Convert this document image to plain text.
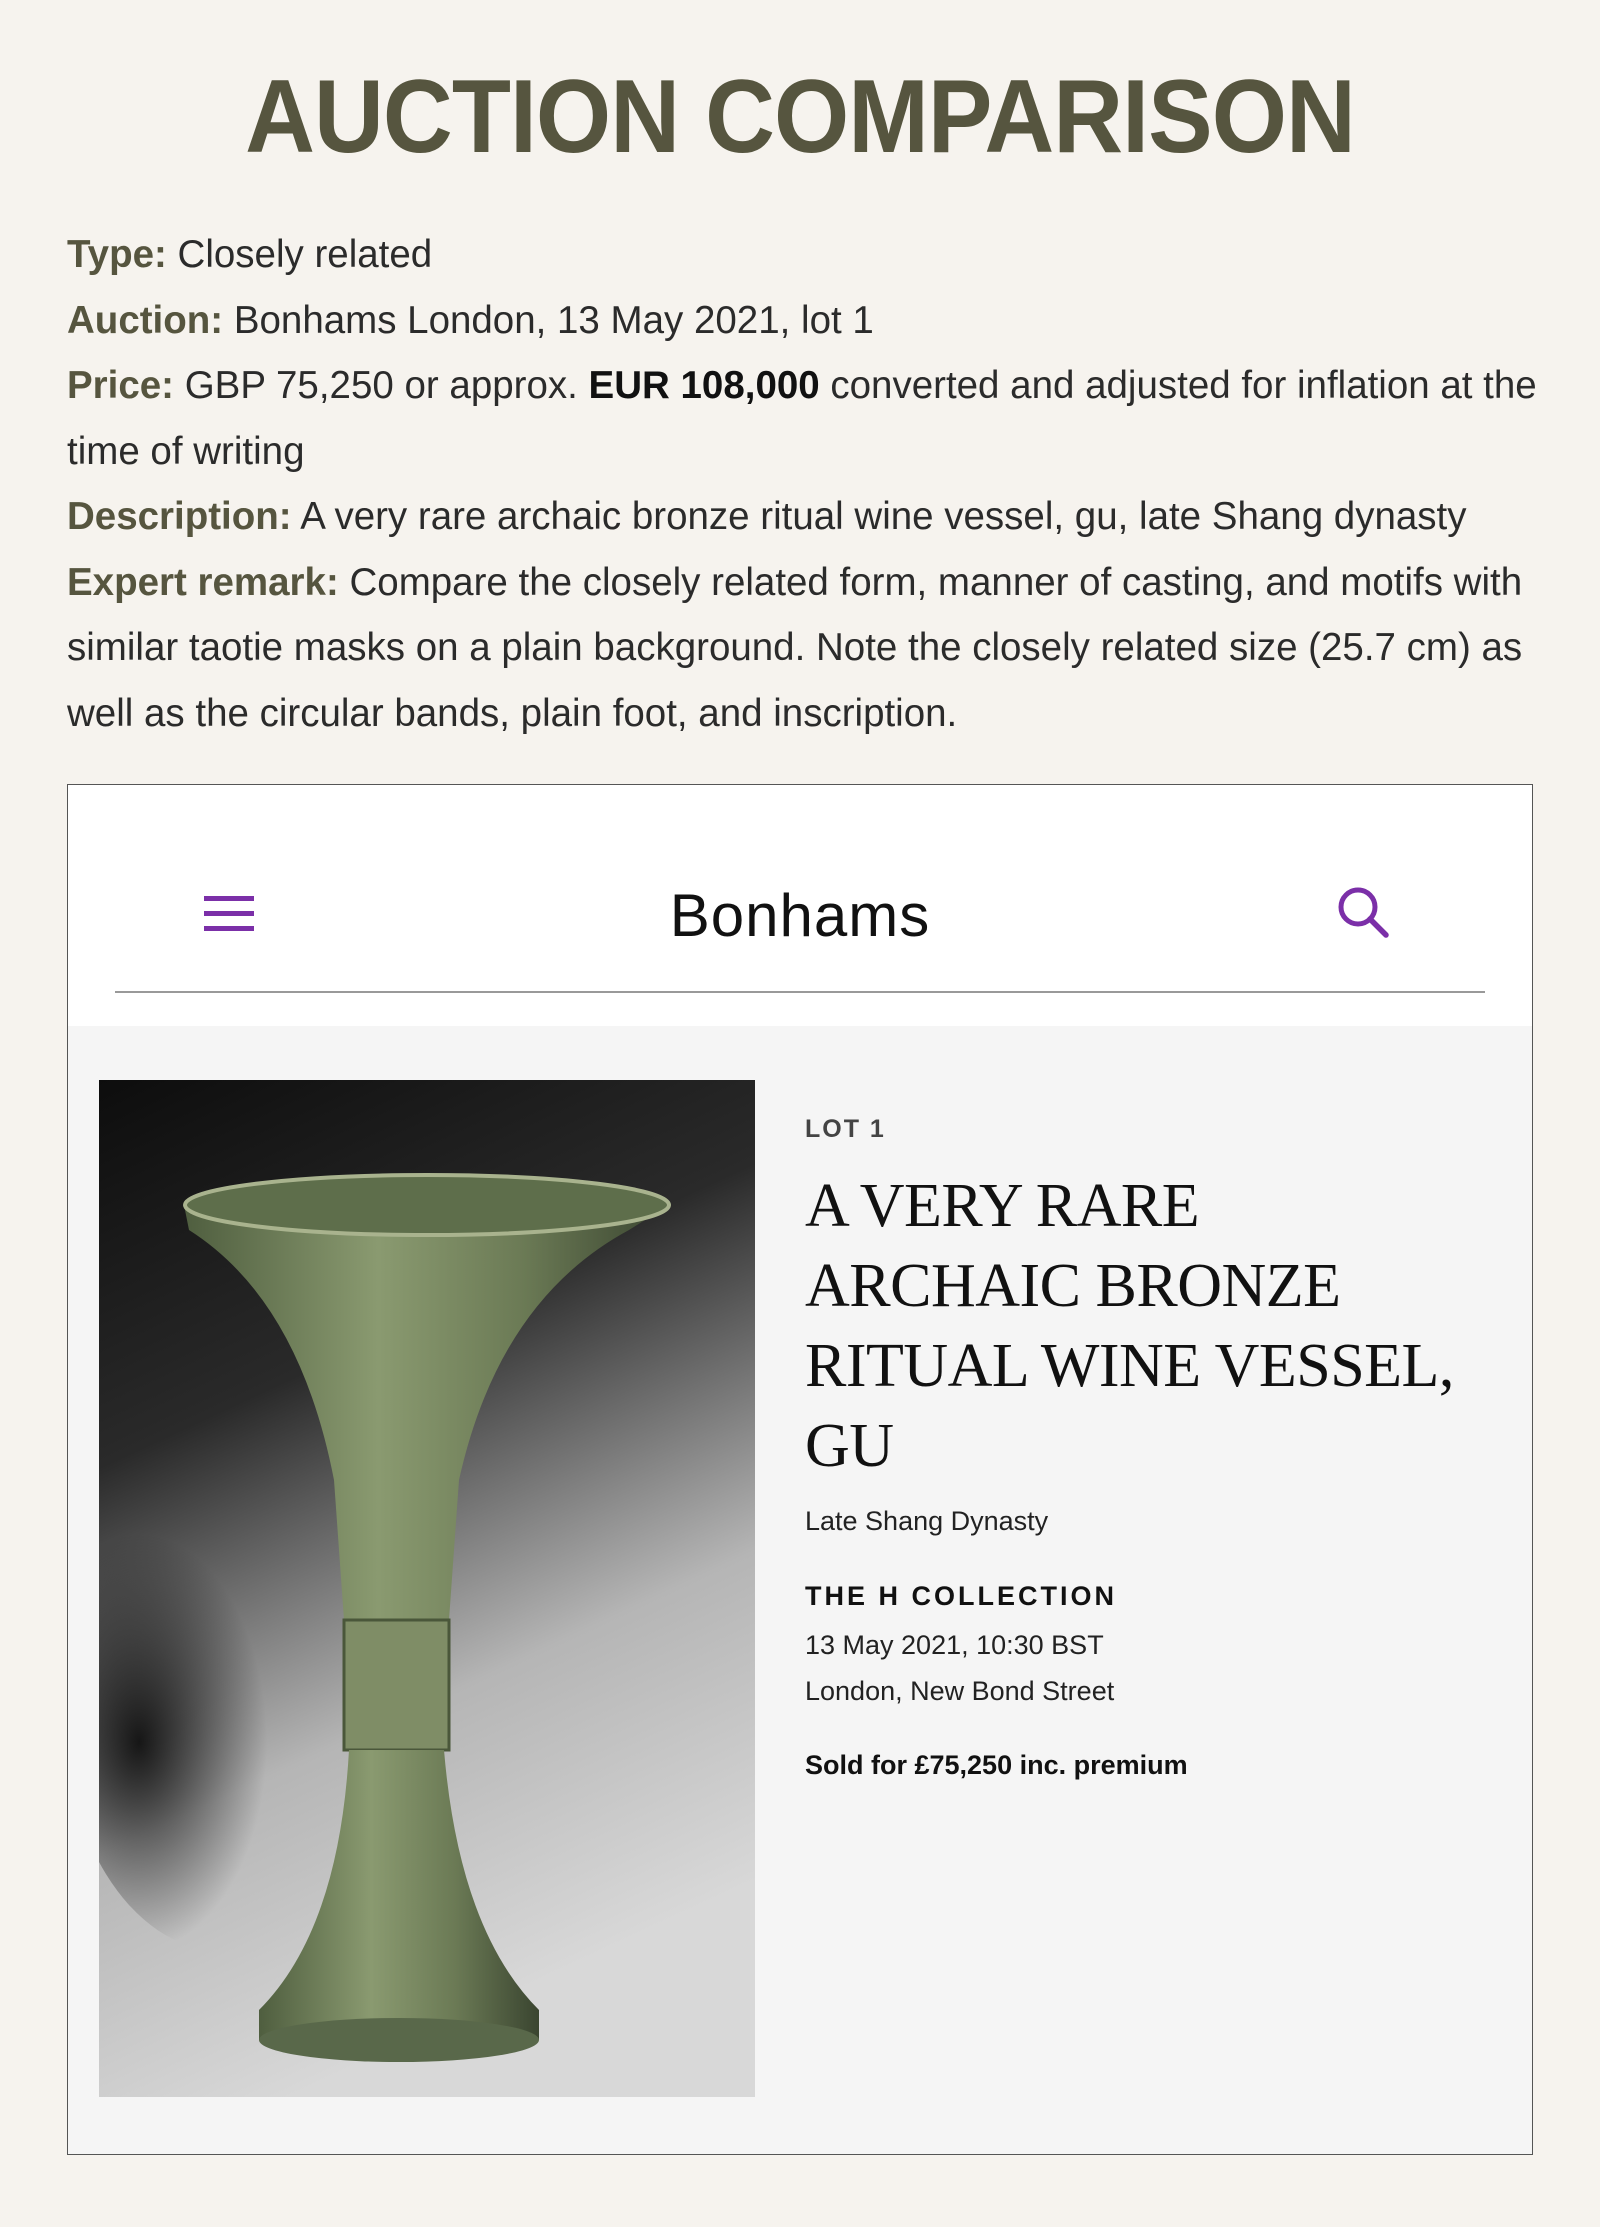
AUCTION COMPARISON
Type: Closely related
Auction: Bonhams London, 13 May 2021, lot 1
Price: GBP 75,250 or approx. EUR 108,000 converted and adjusted for inflation at the time of writing
Description: A very rare archaic bronze ritual wine vessel, gu, late Shang dynasty
Expert remark: Compare the closely related form, manner of casting, and motifs with similar taotie masks on a plain background. Note the closely related size (25.7 cm) as well as the circular bands, plain foot, and inscription.
Bonhams
LOT 1
A VERY RARE
ARCHAIC BRONZE
RITUAL WINE VESSEL,
GU
Late Shang Dynasty
THE H COLLECTION
13 May 2021, 10:30 BST
London, New Bond Street
Sold for £75,250 inc. premium
